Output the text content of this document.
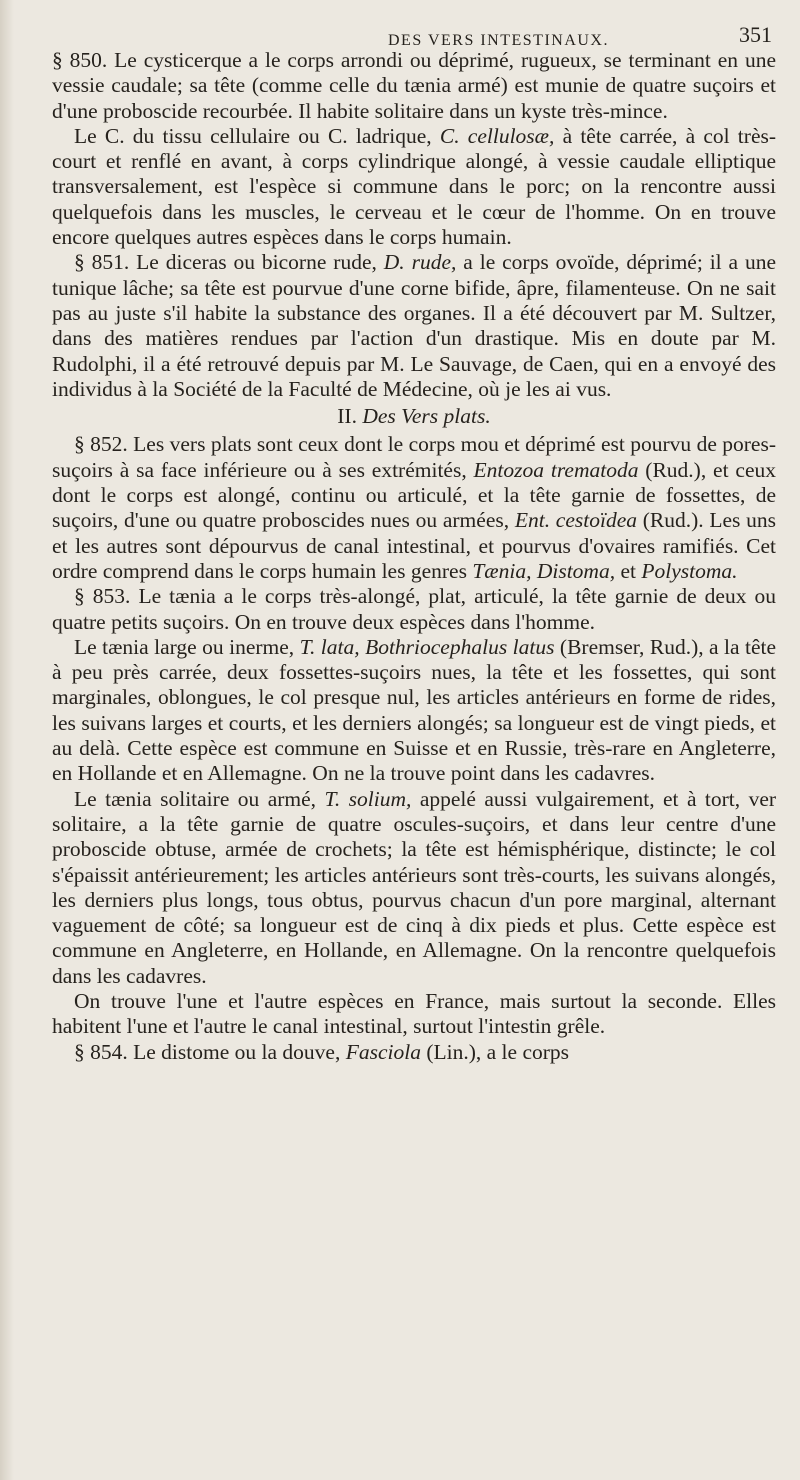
DES VERS INTESTINAUX.	351

§ 850. Le cysticerque a le corps arrondi ou déprimé, rugueux, se terminant en une vessie caudale; sa tête (comme celle du tænia armé) est munie de quatre suçoirs et d'une proboscide recourbée. Il habite solitaire dans un kyste très-mince.

Le C. du tissu cellulaire ou C. ladrique, C. cellulosæ, à tête carrée, à col très-court et renflé en avant, à corps cylindrique alongé, à vessie caudale elliptique transversalement, est l'espèce si commune dans le porc; on la rencontre aussi quelquefois dans les muscles, le cerveau et le cœur de l'homme. On en trouve encore quelques autres espèces dans le corps humain.

§ 851. Le diceras ou bicorne rude, D. rude, a le corps ovoïde, déprimé; il a une tunique lâche; sa tête est pourvue d'une corne bifide, âpre, filamenteuse. On ne sait pas au juste s'il habite la substance des organes. Il a été découvert par M. Sultzer, dans des matières rendues par l'action d'un drastique. Mis en doute par M. Rudolphi, il a été retrouvé depuis par M. Le Sauvage, de Caen, qui en a envoyé des individus à la Société de la Faculté de Médecine, où je les ai vus.

II. Des Vers plats.

§ 852. Les vers plats sont ceux dont le corps mou et déprimé est pourvu de pores-suçoirs à sa face inférieure ou à ses extrémités, Entozoa trematoda (Rud.), et ceux dont le corps est alongé, continu ou articulé, et la tête garnie de fossettes, de suçoirs, d'une ou quatre proboscides nues ou armées, Ent. cestoïdea (Rud.). Les uns et les autres sont dépourvus de canal intestinal, et pourvus d'ovaires ramifiés. Cet ordre comprend dans le corps humain les genres Tænia, Distoma, et Polystoma.

§ 853. Le tænia a le corps très-alongé, plat, articulé, la tête garnie de deux ou quatre petits suçoirs. On en trouve deux espèces dans l'homme.

Le tænia large ou inerme, T. lata, Bothriocephalus latus (Bremser, Rud.), a la tête à peu près carrée, deux fossettes-suçoirs nues, la tête et les fossettes, qui sont marginales, oblongues, le col presque nul, les articles antérieurs en forme de rides, les suivans larges et courts, et les derniers alongés; sa longueur est de vingt pieds, et au delà. Cette espèce est commune en Suisse et en Russie, très-rare en Angleterre, en Hollande et en Allemagne. On ne la trouve point dans les cadavres.

Le tænia solitaire ou armé, T. solium, appelé aussi vulgairement, et à tort, ver solitaire, a la tête garnie de quatre oscules-suçoirs, et dans leur centre d'une proboscide obtuse, armée de crochets; la tête est hémisphérique, distincte; le col s'épaissit antérieurement; les articles antérieurs sont très-courts, les suivans alongés, les derniers plus longs, tous obtus, pourvus chacun d'un pore marginal, alternant vaguement de côté; sa longueur est de cinq à dix pieds et plus. Cette espèce est commune en Angleterre, en Hollande, en Allemagne. On la rencontre quelquefois dans les cadavres.

On trouve l'une et l'autre espèces en France, mais surtout la seconde. Elles habitent l'une et l'autre le canal intestinal, surtout l'intestin grêle.

§ 854. Le distome ou la douve, Fasciola (Lin.), a le corps
